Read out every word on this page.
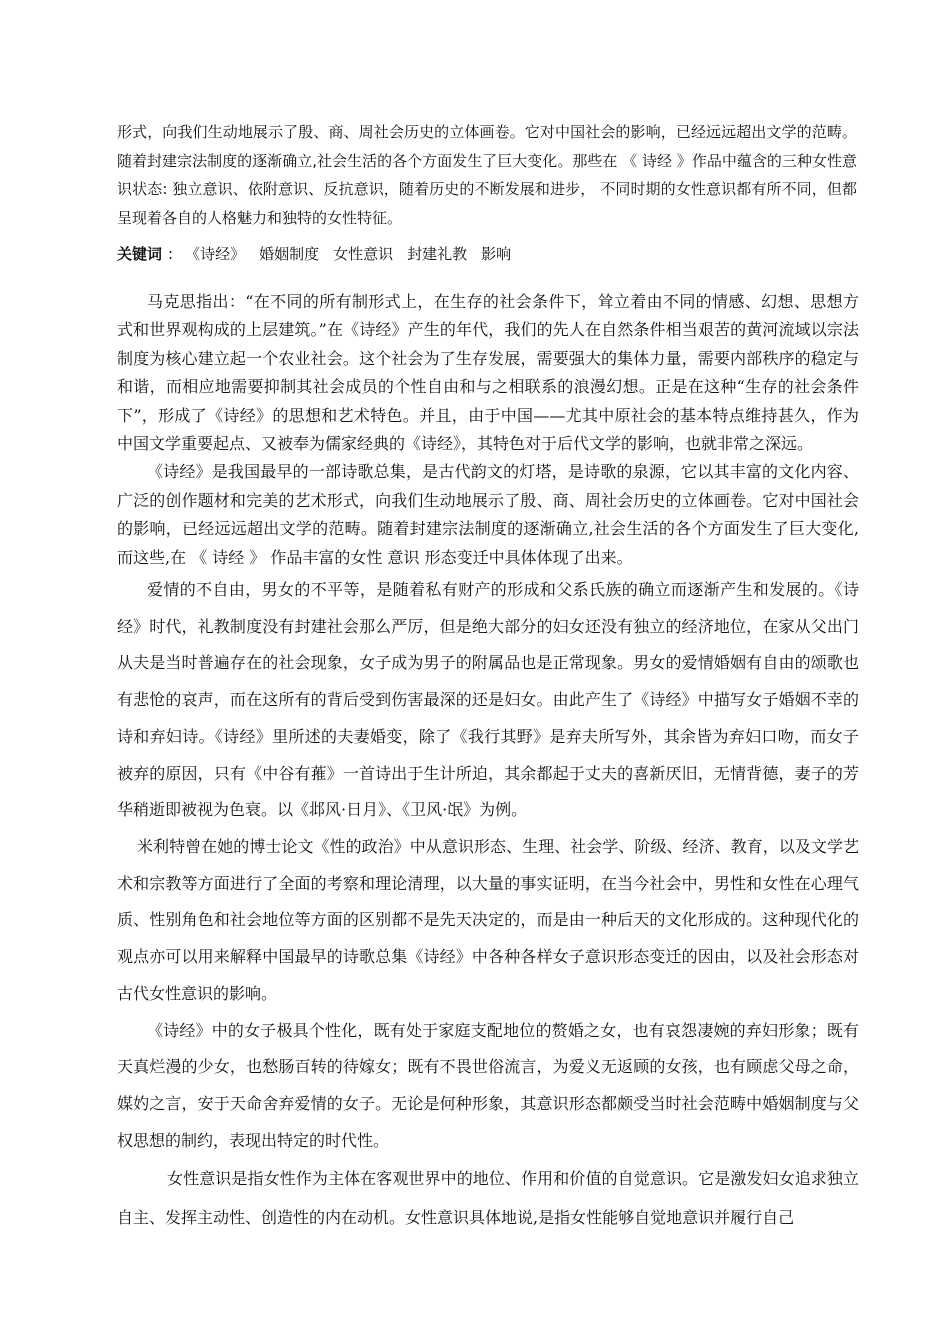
形式，向我们生动地展示了殷、商、周社会历史的立体画卷。它对中国社会的影响，已经远远超出文学的范畴。随着封建宗法制度的逐渐确立,社会生活的各个方面发生了巨大变化。那些在 《 诗经 》作品中蕴含的三种女性意识状态: 独立意识、依附意识、反抗意识，随着历史的不断发展和进步， 不同时期的女性意识都有所不同，但都呈现着各自的人格魅力和独特的女性特征。

关键词 : 《诗经》 婚姻制度 女性意识 封建礼教 影响

马克思指出：“在不同的所有制形式上，在生存的社会条件下，耸立着由不同的情感、幻想、思想方式和世界观构成的上层建筑。”在《诗经》产生的年代，我们的先人在自然条件相当艰苦的黄河流域以宗法制度为核心建立起一个农业社会。这个社会为了生存发展，需要强大的集体力量，需要内部秩序的稳定与和谐，而相应地需要抑制其社会成员的个性自由和与之相联系的浪漫幻想。正是在这种“生存的社会条件下”，形成了《诗经》的思想和艺术特色。并且，由于中国——尤其中原社会的基本特点维持甚久，作为中国文学重要起点、又被奉为儒家经典的《诗经》，其特色对于后代文学的影响，也就非常之深远。

《诗经》是我国最早的一部诗歌总集，是古代韵文的灯塔，是诗歌的泉源，它以其丰富的文化内容、广泛的创作题材和完美的艺术形式，向我们生动地展示了殷、商、周社会历史的立体画卷。它对中国社会的影响，已经远远超出文学的范畴。随着封建宗法制度的逐渐确立,社会生活的各个方面发生了巨大变化,而这些,在 《 诗经 》 作品丰富的女性 意识 形态变迁中具体体现了出来。

爱情的不自由，男女的不平等，是随着私有财产的形成和父系氏族的确立而逐渐产生和发展的。《诗经》时代，礼教制度没有封建社会那么严厉，但是绝大部分的妇女还没有独立的经济地位，在家从父出门从夫是当时普遍存在的社会现象，女子成为男子的附属品也是正常现象。男女的爱情婚姻有自由的颂歌也有悲怆的哀声，而在这所有的背后受到伤害最深的还是妇女。由此产生了《诗经》中描写女子婚姻不幸的诗和弃妇诗。《诗经》里所述的夫妻婚变，除了《我行其野》是弃夫所写外，其余皆为弃妇口吻，而女子被弃的原因，只有《中谷有蓷》一首诗出于生计所迫，其余都起于丈夫的喜新厌旧，无情背德，妻子的芳华稍逝即被视为色衰。以《邶风·日月》、《卫风·氓》为例。

米利特曾在她的博士论文《性的政治》中从意识形态、生理、社会学、阶级、经济、教育，以及文学艺术和宗教等方面进行了全面的考察和理论清理，以大量的事实证明，在当今社会中，男性和女性在心理气质、性别角色和社会地位等方面的区别都不是先天决定的，而是由一种后天的文化形成的。这种现代化的观点亦可以用来解释中国最早的诗歌总集《诗经》中各种各样女子意识形态变迁的因由，以及社会形态对古代女性意识的影响。

《诗经》中的女子极具个性化，既有处于家庭支配地位的赘婚之女，也有哀怨凄婉的弃妇形象；既有天真烂漫的少女，也愁肠百转的待嫁女；既有不畏世俗流言，为爱义无返顾的女孩，也有顾虑父母之命，媒妁之言，安于天命舍弃爱情的女子。无论是何种形象，其意识形态都颇受当时社会范畴中婚姻制度与父权思想的制约，表现出特定的时代性。

女性意识是指女性作为主体在客观世界中的地位、作用和价值的自觉意识。它是激发妇女追求独立自主、发挥主动性、创造性的内在动机。女性意识具体地说,是指女性能够自觉地意识并履行自己
